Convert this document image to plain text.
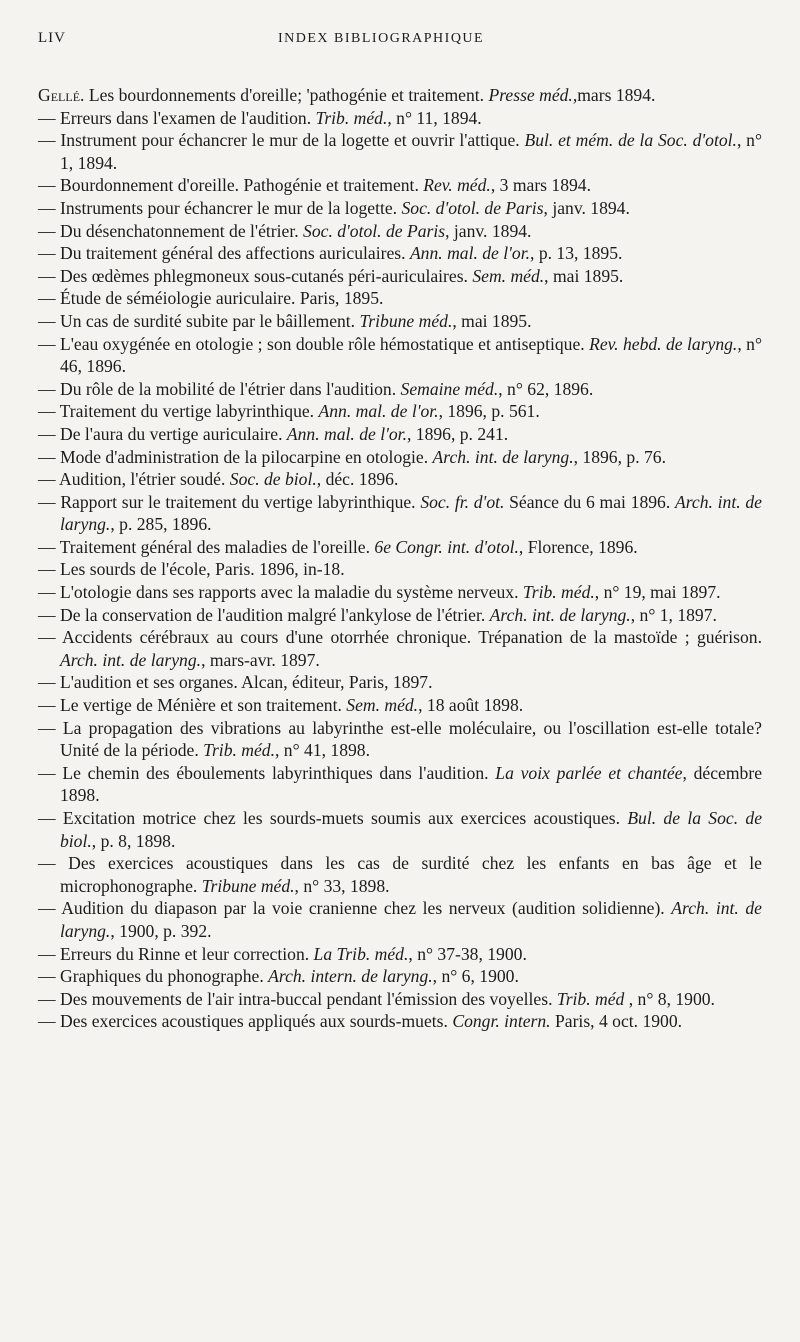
LIV	INDEX BIBLIOGRAPHIQUE
Gellé. Les bourdonnements d'oreille; 'pathogénie et traitement. Presse méd.,mars 1894.
— Erreurs dans l'examen de l'audition. Trib. méd., n° 11, 1894.
— Instrument pour échancrer le mur de la logette et ouvrir l'attique. Bul. et mém. de la Soc. d'otol., n° 1, 1894.
— Bourdonnement d'oreille. Pathogénie et traitement. Rev. méd., 3 mars 1894.
— Instruments pour échancrer le mur de la logette. Soc. d'otol. de Paris, janv. 1894.
— Du désenchatonnement de l'étrier. Soc. d'otol. de Paris, janv. 1894.
— Du traitement général des affections auriculaires. Ann. mal. de l'or., p. 13, 1895.
— Des œdèmes phlegmoneux sous-cutanés péri-auriculaires. Sem. méd., mai 1895.
— Étude de séméiologie auriculaire. Paris, 1895.
— Un cas de surdité subite par le bâillement. Tribune méd., mai 1895.
— L'eau oxygénée en otologie ; son double rôle hémostatique et antiseptique. Rev. hebd. de laryng., n° 46, 1896.
— Du rôle de la mobilité de l'étrier dans l'audition. Semaine méd., n° 62, 1896.
— Traitement du vertige labyrinthique. Ann. mal. de l'or., 1896, p. 561.
— De l'aura du vertige auriculaire. Ann. mal. de l'or., 1896, p. 241.
— Mode d'administration de la pilocarpine en otologie. Arch. int. de laryng., 1896, p. 76.
— Audition, l'étrier soudé. Soc. de biol., déc. 1896.
— Rapport sur le traitement du vertige labyrinthique. Soc. fr. d'ot. Séance du 6 mai 1896. Arch. int. de laryng., p. 285, 1896.
— Traitement général des maladies de l'oreille. 6e Congr. int. d'otol., Florence, 1896.
— Les sourds de l'école, Paris. 1896, in-18.
— L'otologie dans ses rapports avec la maladie du système nerveux. Trib. méd., n° 19, mai 1897.
— De la conservation de l'audition malgré l'ankylose de l'étrier. Arch. int. de laryng., n° 1, 1897.
— Accidents cérébraux au cours d'une otorrhée chronique. Trépanation de la mastoïde ; guérison. Arch. int. de laryng., mars-avr. 1897.
— L'audition et ses organes. Alcan, éditeur, Paris, 1897.
— Le vertige de Ménière et son traitement. Sem. méd., 18 août 1898.
— La propagation des vibrations au labyrinthe est-elle moléculaire, ou l'oscillation est-elle totale? Unité de la période. Trib. méd., n° 41, 1898.
— Le chemin des éboulements labyrinthiques dans l'audition. La voix parlée et chantée, décembre 1898.
— Excitation motrice chez les sourds-muets soumis aux exercices acoustiques. Bul. de la Soc. de biol., p. 8, 1898.
— Des exercices acoustiques dans les cas de surdité chez les enfants en bas âge et le microphonographe. Tribune méd., n° 33, 1898.
— Audition du diapason par la voie cranienne chez les nerveux (audition solidienne). Arch. int. de laryng., 1900, p. 392.
— Erreurs du Rinne et leur correction. La Trib. méd., n° 37-38, 1900.
— Graphiques du phonographe. Arch. intern. de laryng., n° 6, 1900.
— Des mouvements de l'air intra-buccal pendant l'émission des voyelles. Trib. méd , n° 8, 1900.
— Des exercices acoustiques appliqués aux sourds-muets. Congr. intern. Paris, 4 oct. 1900.
